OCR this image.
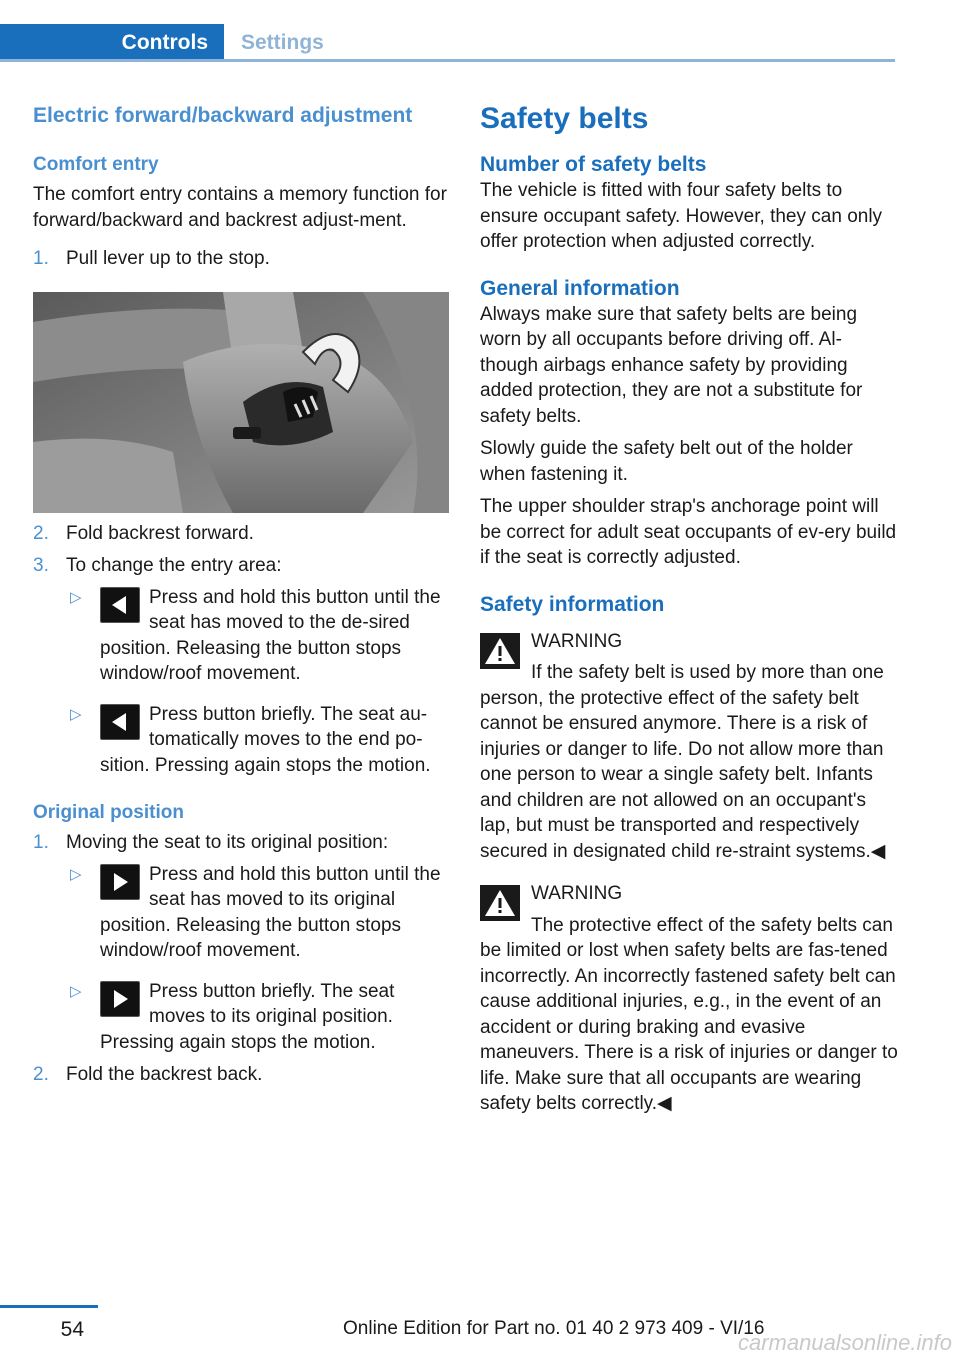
Controls	Settings
Electric forward/backward adjustment
Comfort entry
The comfort entry contains a memory function for forward/backward and backrest adjust‐ment.
1. Pull lever up to the stop.
2. Fold backrest forward.
3. To change the entry area:
▷	Press and hold this button until the seat has moved to the de‐sired position. Releasing the button stops window/roof movement.
▷	Press button briefly. The seat au‐tomatically moves to the end po‐sition. Pressing again stops the motion.
Original position
1. Moving the seat to its original position:
▷	Press and hold this button until the seat has moved to its original position. Releasing the button stops window/roof movement.
▷	Press button briefly. The seat moves to its original position. Pressing again stops the motion.
2. Fold the backrest back.
Safety belts
Number of safety belts
The vehicle is fitted with four safety belts to ensure occupant safety. However, they can only offer protection when adjusted correctly.
General information
Always make sure that safety belts are being worn by all occupants before driving off. Al‐though airbags enhance safety by providing added protection, they are not a substitute for safety belts.
Slowly guide the safety belt out of the holder when fastening it.
The upper shoulder strap's anchorage point will be correct for adult seat occupants of ev‐ery build if the seat is correctly adjusted.
Safety information
WARNING
If the safety belt is used by more than one person, the protective effect of the safety belt cannot be ensured anymore. There is a risk of injuries or danger to life. Do not allow more than one person to wear a single safety belt. Infants and children are not allowed on an occupant's lap, but must be transported and respectively secured in designated child re‐straint systems.◀
WARNING
The protective effect of the safety belts can be limited or lost when safety belts are fas‐tened incorrectly. An incorrectly fastened safety belt can cause additional injuries, e.g., in the event of an accident or during braking and evasive maneuvers. There is a risk of injuries or danger to life. Make sure that all occupants are wearing safety belts correctly.◀
54	Online Edition for Part no. 01 40 2 973 409 - VI/16
carmanualsonline.info
